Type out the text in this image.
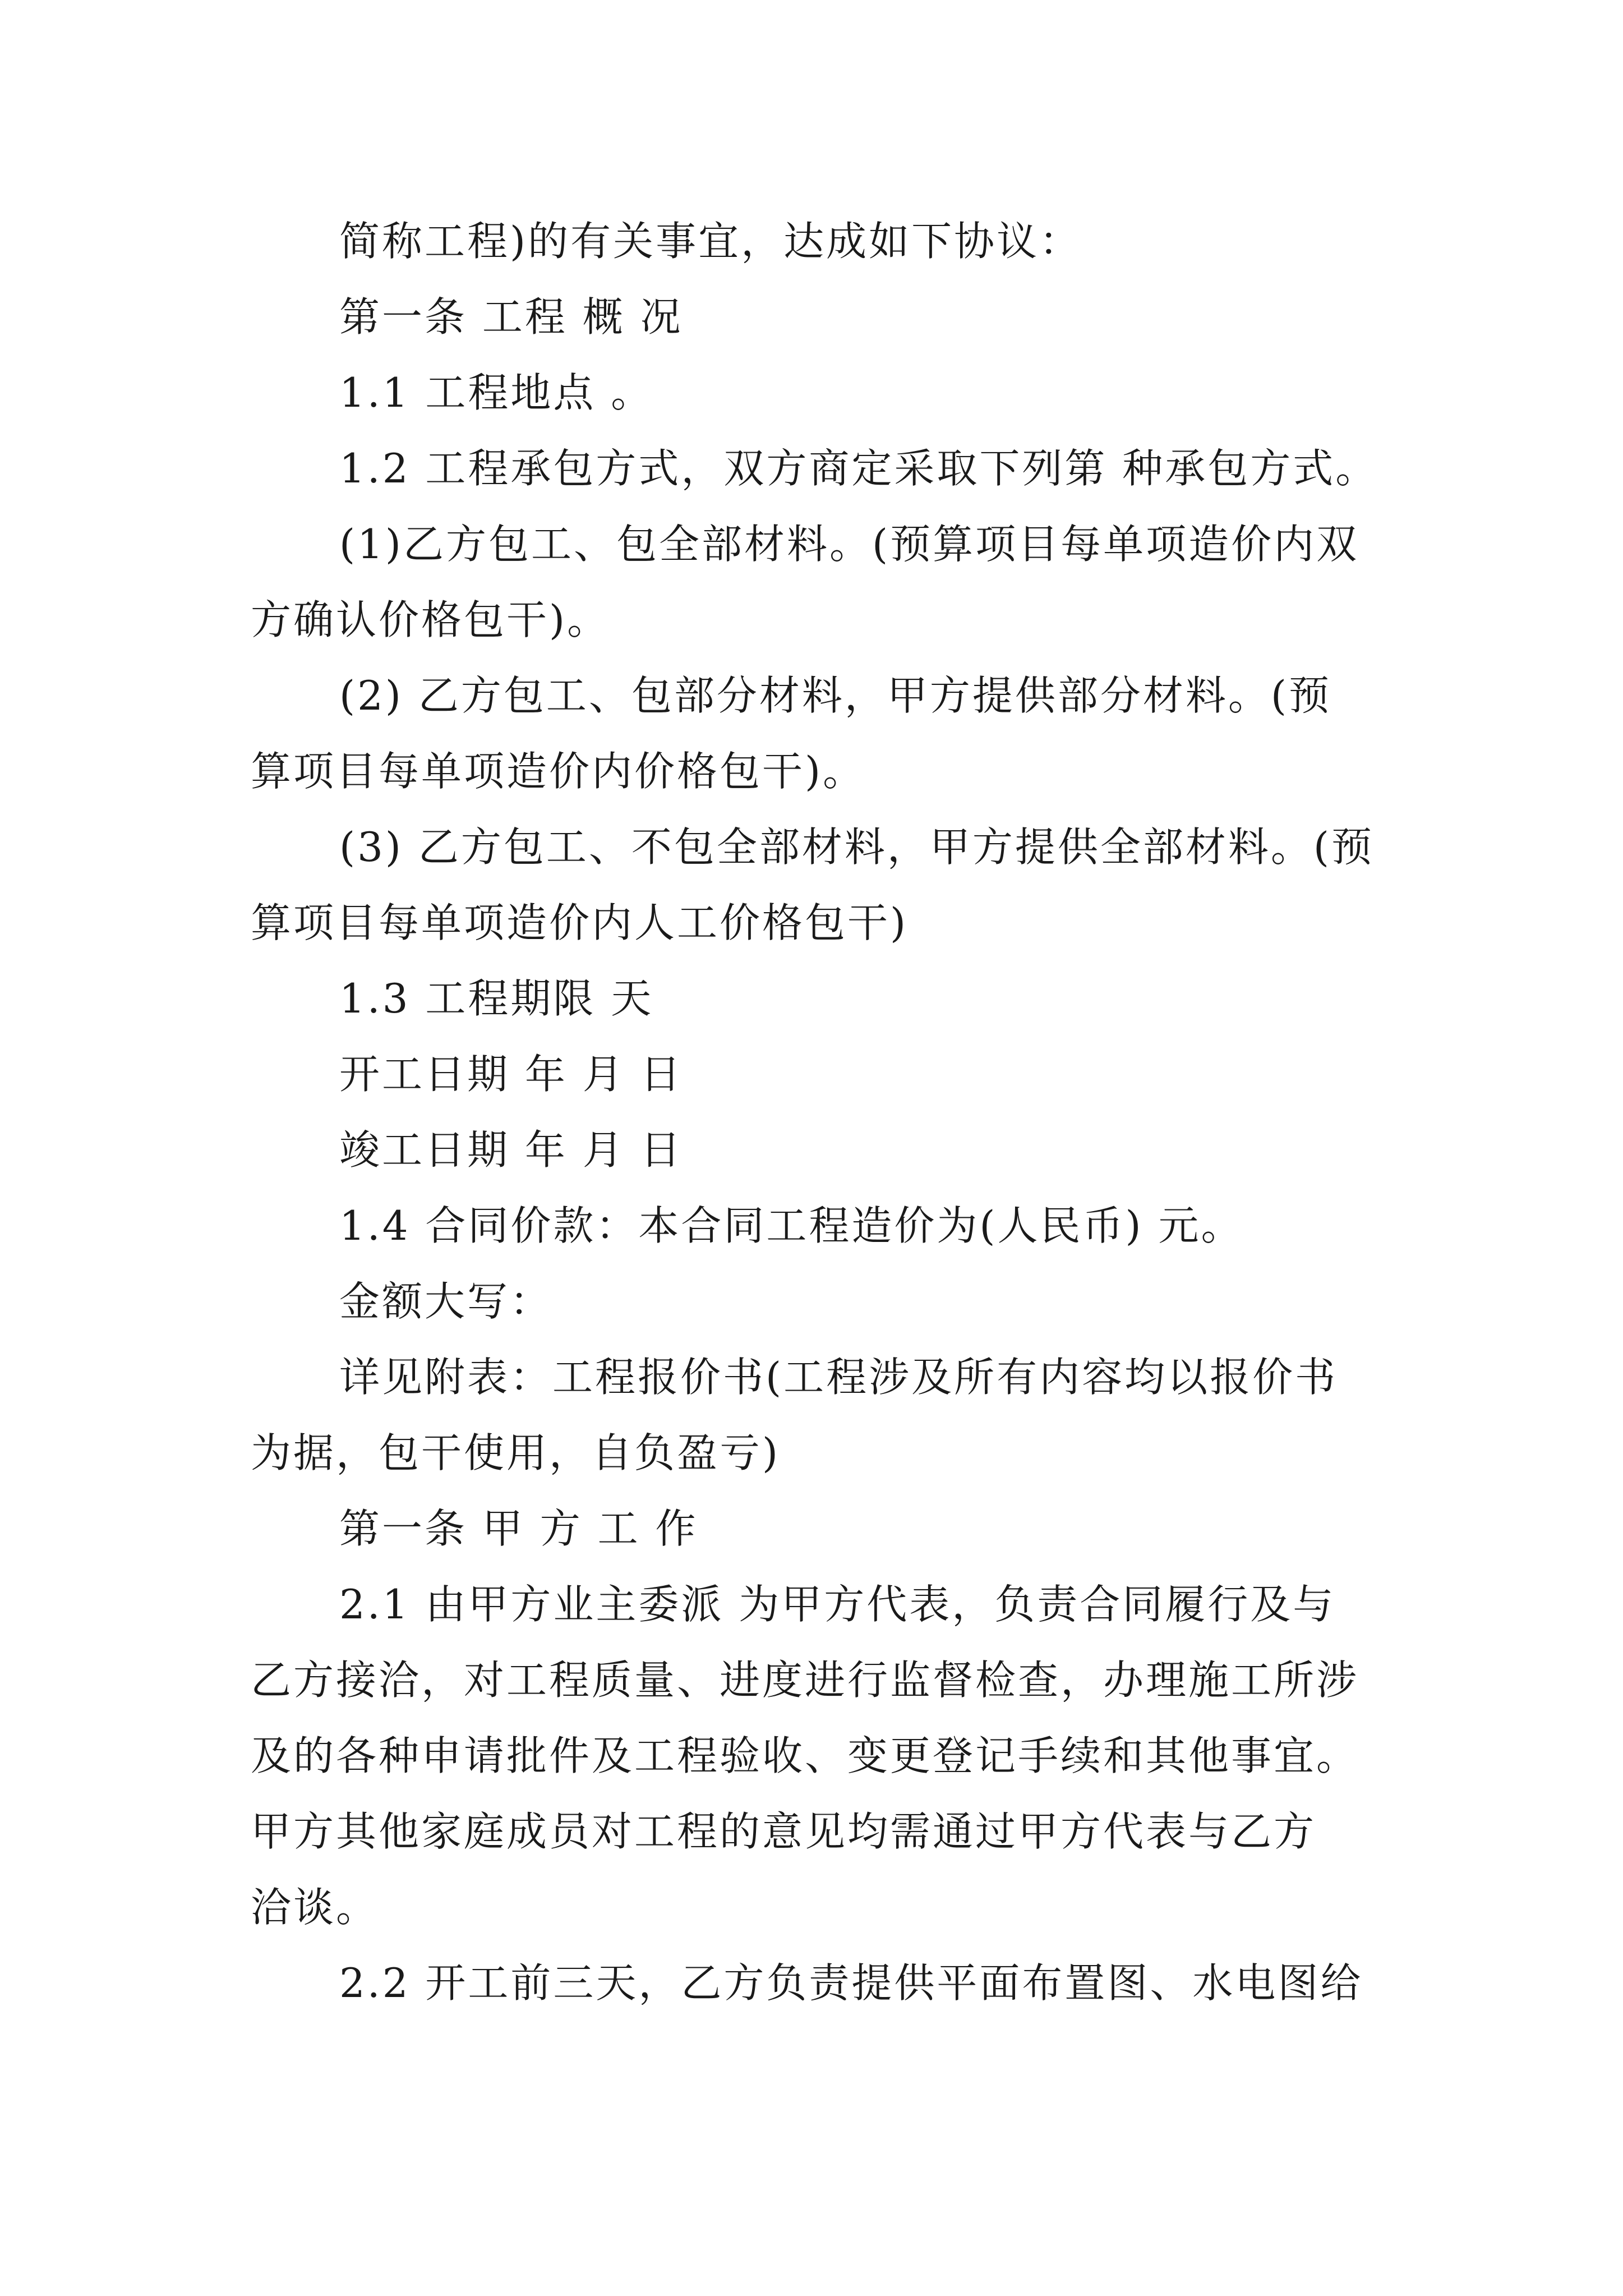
简称工程)的有关事宜，达成如下协议：
第一条 工程 概 况
1.1 工程地点 。
1.2 工程承包方式，双方商定采取下列第 种承包方式。
(1)乙方包工、包全部材料。(预算项目每单项造价内双
方确认价格包干)。
(2) 乙方包工、包部分材料，甲方提供部分材料。(预
算项目每单项造价内价格包干)。
(3) 乙方包工、不包全部材料，甲方提供全部材料。(预
算项目每单项造价内人工价格包干)
1.3 工程期限 天
开工日期 年 月 日
竣工日期 年 月 日
1.4 合同价款：本合同工程造价为(人民币) 元。
金额大写：
详见附表：工程报价书(工程涉及所有内容均以报价书
为据，包干使用，自负盈亏)
第一条 甲 方 工 作
2.1 由甲方业主委派 为甲方代表，负责合同履行及与
乙方接洽，对工程质量、进度进行监督检查，办理施工所涉
及的各种申请批件及工程验收、变更登记手续和其他事宜。
甲方其他家庭成员对工程的意见均需通过甲方代表与乙方
洽谈。
2.2 开工前三天，乙方负责提供平面布置图、水电图给
